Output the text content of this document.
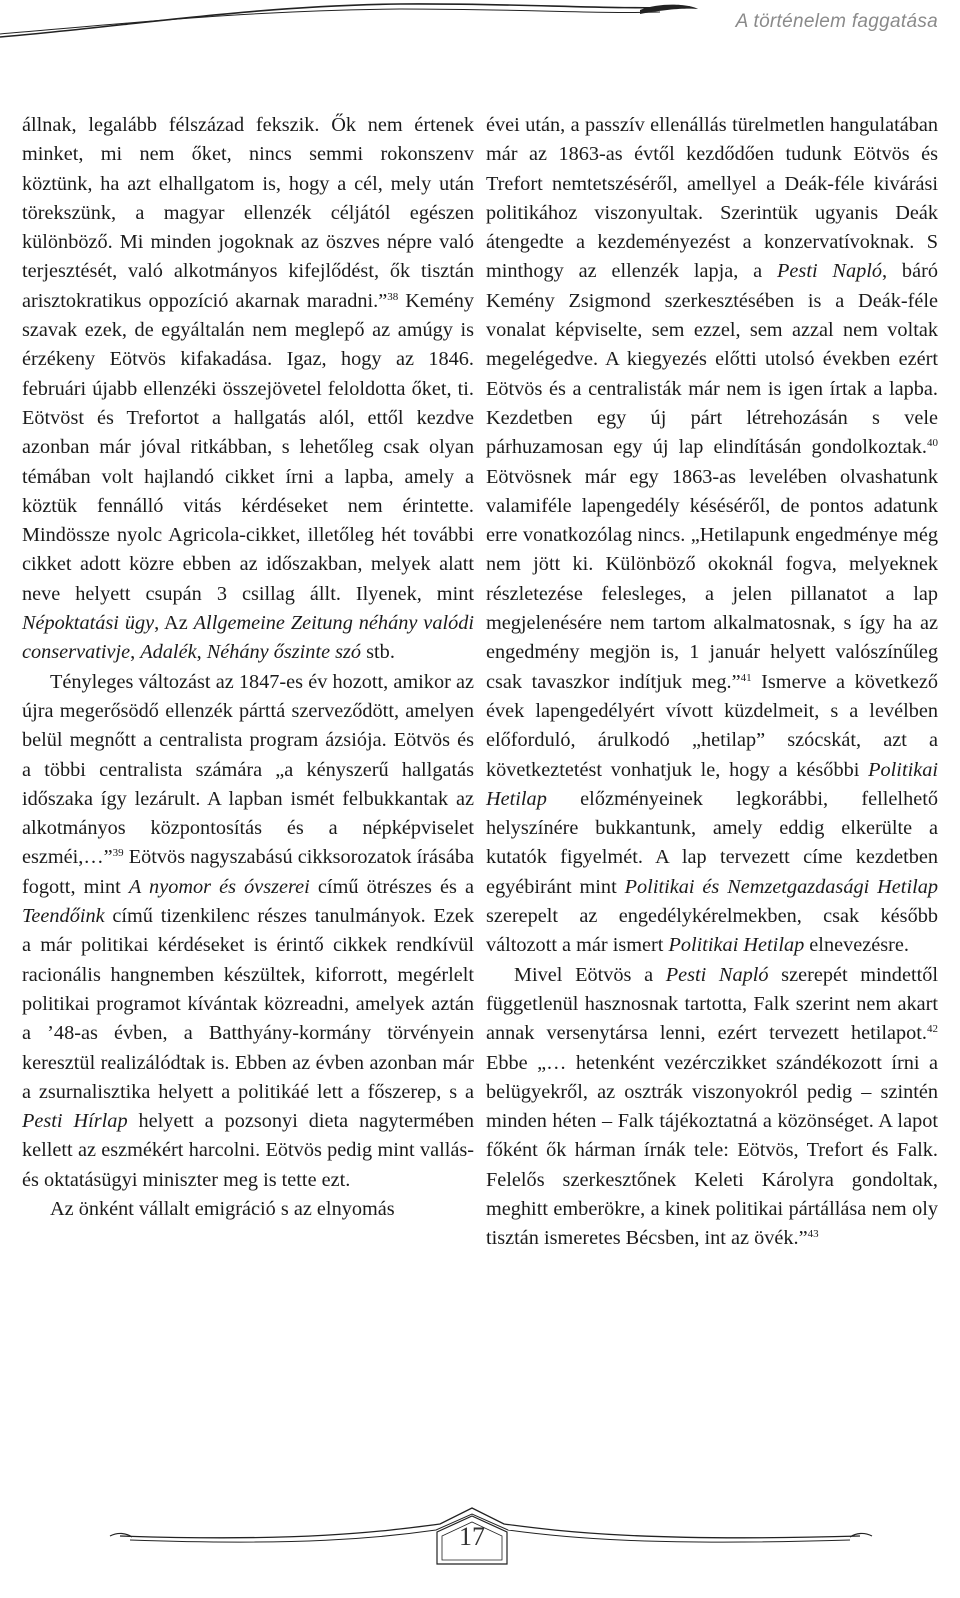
A történelem faggatása

állnak, legalább félszázad fekszik. Ők nem értenek minket, mi nem őket, nincs semmi rokonszenv köztünk, ha azt elhallgatom is, hogy a cél, mely után törekszünk, a magyar ellenzék céljától egészen különböző. Mi minden jogoknak az öszves népre való terjesztését, való alkotmányos kifejlődést, ők tisztán arisztokratikus oppozíció akarnak maradni.”$^{38}$ Kemény szavak ezek, de egyáltalán nem meglepő az amúgy is érzékeny Eötvös kifakadása. Igaz, hogy az 1846. februári újabb ellenzéki összejövetel feloldotta őket, ti. Eötvöst és Trefortot a hallgatás alól, ettől kezdve azonban már jóval ritkábban, s lehetőleg csak olyan témában volt hajlandó cikket írni a lapba, amely a köztük fennálló vitás kérdéseket nem érintette. Mindössze nyolc Agricola-cikket, illetőleg hét további cikket adott közre ebben az időszakban, melyek alatt neve helyett csupán 3 csillag állt. Ilyenek, mint Népoktatási ügy, Az Allgemeine Zeitung néhány valódi conservativje, Adalék, Néhány őszinte szó stb.

Tényleges változást az 1847-es év hozott, amikor az újra megerősödő ellenzék párttá szerveződött, amelyen belül megnőtt a centralista program ázsiója. Eötvös és a többi centralista számára „a kényszerű hallgatás időszaka így lezárult. A lapban ismét felbukkantak az alkotmányos központosítás és a népképviselet eszméi,…”$^{39}$ Eötvös nagyszabású cikksorozatok írásába fogott, mint A nyomor és óvszerei című ötrészes és a Teendőink című tizenkilenc részes tanulmányok. Ezek a már politikai kérdéseket is érintő cikkek rendkívül racionális hangnemben készültek, kiforrott, megérlelt politikai programot kívántak közreadni, amelyek aztán a ’48-as évben, a Batthyány-kormány törvényein keresztül realizálódtak is. Ebben az évben azonban már a zsurnalisztika helyett a politikáé lett a főszerep, s a Pesti Hírlap helyett a pozsonyi dieta nagytermében kellett az eszmékért harcolni. Eötvös pedig mint vallás- és oktatásügyi miniszter meg is tette ezt.

Az önként vállalt emigráció s az elnyomás

évei után, a passzív ellenállás türelmetlen hangulatában már az 1863-as évtől kezdődően tudunk Eötvös és Trefort nemtetszéséről, amellyel a Deák-féle kivárási politikához viszonyultak. Szerintük ugyanis Deák átengedte a kezdeményezést a konzervatívoknak. S minthogy az ellenzék lapja, a Pesti Napló, báró Kemény Zsigmond szerkesztésében is a Deák-féle vonalat képviselte, sem ezzel, sem azzal nem voltak megelégedve. A kiegyezés előtti utolsó években ezért Eötvös és a centralisták már nem is igen írtak a lapba. Kezdetben egy új párt létrehozásán s vele párhuzamosan egy új lap elindításán gondolkoztak.$^{40}$ Eötvösnek már egy 1863-as levelében olvashatunk valamiféle lapengedély késéséről, de pontos adatunk erre vonatkozólag nincs. „Hetilapunk engedménye még nem jött ki. Különböző okoknál fogva, melyeknek részletezése felesleges, a jelen pillanatot a lap megjelenésére nem tartom alkalmatosnak, s így ha az engedmény megjön is, 1 január helyett valószínűleg csak tavaszkor indítjuk meg.”$^{41}$ Ismerve a következő évek lapengedélyért vívott küzdelmeit, s a levélben előforduló, árulkodó „hetilap” szócskát, azt a következtetést vonhatjuk le, hogy a későbbi Politikai Hetilap előzményeinek legkorábbi, fellelhető helyszínére bukkantunk, amely eddig elkerülte a kutatók figyelmét. A lap tervezett címe kezdetben egyébiránt mint Politikai és Nemzetgazdasági Hetilap szerepelt az engedélykérelmekben, csak később változott a már ismert Politikai Hetilap elnevezésre.

Mivel Eötvös a Pesti Napló szerepét mindettől függetlenül hasznosnak tartotta, Falk szerint nem akart annak versenytársa lenni, ezért tervezett hetilapot.$^{42}$ Ebbe „… hetenként vezérczikket szándékozott írni a belügyekről, az osztrák viszonyokról pedig – szintén minden héten – Falk tájékoztatná a közönséget. A lapot főként ők hárman írnák tele: Eötvös, Trefort és Falk. Felelős szerkesztőnek Keleti Károlyra gondoltak, meghitt emberökre, a kinek politikai pártállása nem oly tisztán ismeretes Bécsben, int az övék.”$^{43}$

17
